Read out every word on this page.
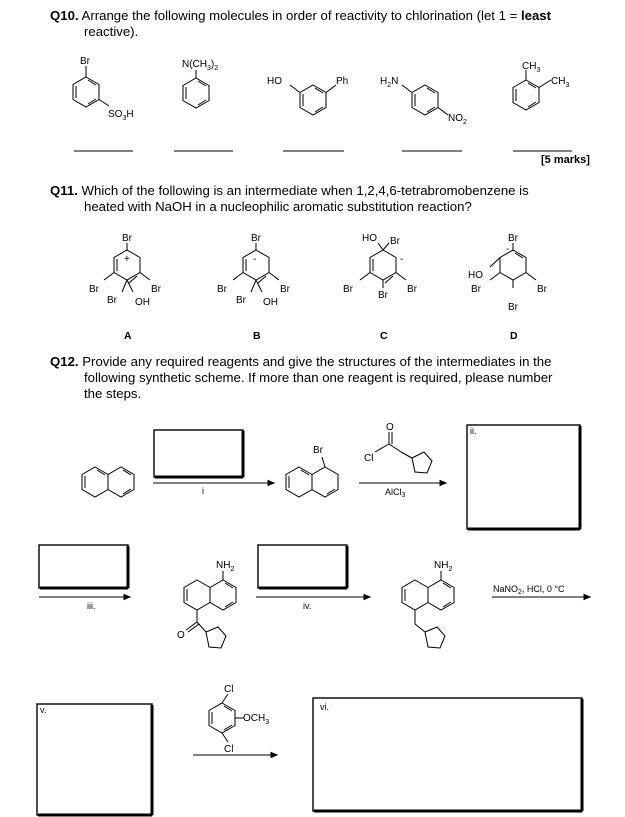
Q10. Arrange the following molecules in order of reactivity to chlorination (let 1 = least
reactive).
[5 marks]
Q11. Which of the following is an intermediate when 1,2,4,6-tetrabromobenzene is
heated with NaOH in a nucleophilic aromatic substitution reaction?
Q12. Provide any required reagents and give the structures of the intermediates in the
following synthetic scheme. If more than one reagent is required, please number
the steps.
Br
$SO_3H$
$N(CH_3)_2$
HO	Ph	$H_2N$
$NO_2$
$CH_3$
$CH_3$
+
Br
Br	Br
Br OH
-
Br
Br	Br
Br OH
-
HO Br
Br	Br
Br
-
Br
HO
Br	Br
Br
A	B	C	D
i
Br
O
Cl
AlCl$_3$
ii.
iii.
$NH_2$
O
iv.
$NH_2$
NaNO$_2$, HCl, 0 °C
v.
Cl
Cl
$OCH_3$
vi.
